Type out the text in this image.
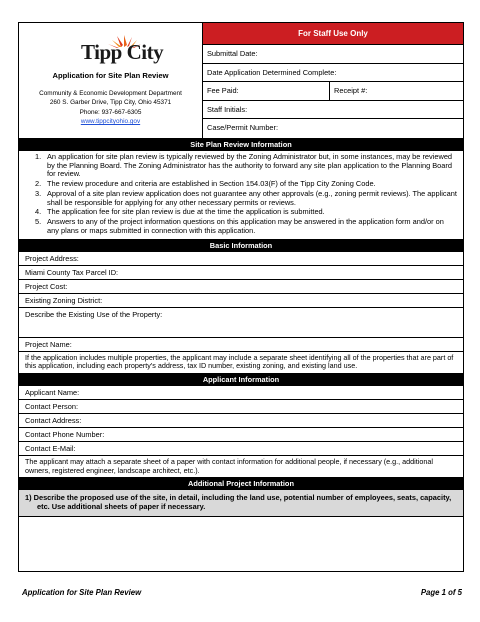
Tipp City
Application for Site Plan Review
Community & Economic Development Department
260 S. Garber Drive, Tipp City, Ohio 45371
Phone: 937-667-6305
www.tippcityohio.gov
For Staff Use Only
Submittal Date:
Date Application Determined Complete:
Fee Paid:	Receipt #:
Staff Initials:
Case/Permit Number:
Site Plan Review Information
1. An application for site plan review is typically reviewed by the Zoning Administrator but, in some instances, may be reviewed by the Planning Board. The Zoning Administrator has the authority to forward any site plan application to the Planning Board for review.
2. The review procedure and criteria are established in Section 154.03(F) of the Tipp City Zoning Code.
3. Approval of a site plan review application does not guarantee any other approvals (e.g., zoning permit reviews). The applicant shall be responsible for applying for any other necessary permits or reviews.
4. The application fee for site plan review is due at the time the application is submitted.
5. Answers to any of the project information questions on this application may be answered in the application form and/or on any plans or maps submitted in connection with this application.
Basic Information
Project Address:
Miami County Tax Parcel ID:
Project Cost:
Existing Zoning District:
Describe the Existing Use of the Property:
Project Name:
If the application includes multiple properties, the applicant may include a separate sheet identifying all of the properties that are part of this application, including each property's address, tax ID number, existing zoning, and existing land use.
Applicant Information
Applicant Name:
Contact Person:
Contact Address:
Contact Phone Number:
Contact E-Mail:
The applicant may attach a separate sheet of a paper with contact information for additional people, if necessary (e.g., additional owners, registered engineer, landscape architect, etc.).
Additional Project Information
1) Describe the proposed use of the site, in detail, including the land use, potential number of employees, seats, capacity, etc. Use additional sheets of paper if necessary.
Application for Site Plan Review	Page 1 of 5
